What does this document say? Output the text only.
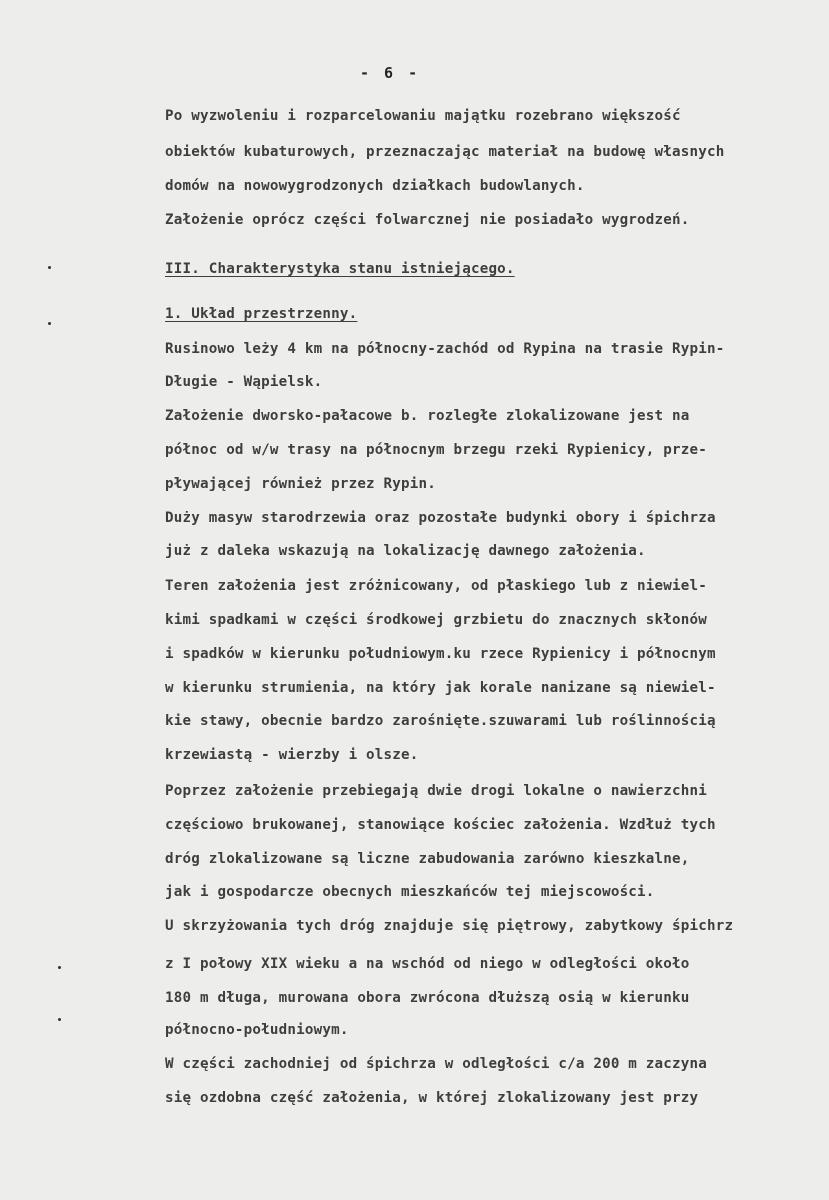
- 6 -
Po wyzwoleniu i rozparcelowaniu majątku rozebrano większość
obiektów kubaturowych, przeznaczając materiał na budowę własnych
domów na nowowygrodzonych działkach budowlanych.
Założenie oprócz części folwarcznej nie posiadało wygrodzeń.
III. Charakterystyka stanu istniejącego.
1. Układ przestrzenny.
Rusinowo leży 4 km na północny-zachód od Rypina na trasie Rypin-
Długie - Wąpielsk.
Założenie dworsko-pałacowe b. rozległe zlokalizowane jest na
północ od w/w trasy na północnym brzegu rzeki Rypienicy, prze-
pływającej również przez Rypin.
Duży masyw starodrzewia oraz pozostałe budynki obory i śpichrza
już z daleka wskazują na lokalizację dawnego założenia.
Teren założenia jest zróżnicowany, od płaskiego lub z niewiel-
kimi spadkami w części środkowej grzbietu do znacznych skłonów
i spadków w kierunku południowym.ku rzece Rypienicy i północnym
w kierunku strumienia, na który jak korale nanizane są niewiel-
kie stawy, obecnie bardzo zarośnięte.szuwarami lub roślinnością
krzewiastą - wierzby i olsze.
Poprzez założenie przebiegają dwie drogi lokalne o nawierzchni
częściowo brukowanej, stanowiące kościec założenia. Wzdłuż tych
dróg zlokalizowane są liczne zabudowania zarówno kieszkalne,
jak i gospodarcze obecnych mieszkańców tej miejscowości.
U skrzyżowania tych dróg znajduje się piętrowy, zabytkowy śpichrz
z I połowy XIX wieku a na wschód od niego w odległości około
180 m długa, murowana obora zwrócona dłuższą osią w kierunku
północno-południowym.
W części zachodniej od śpichrza w odległości c/a 200 m zaczyna
się ozdobna część założenia, w której zlokalizowany jest przy
